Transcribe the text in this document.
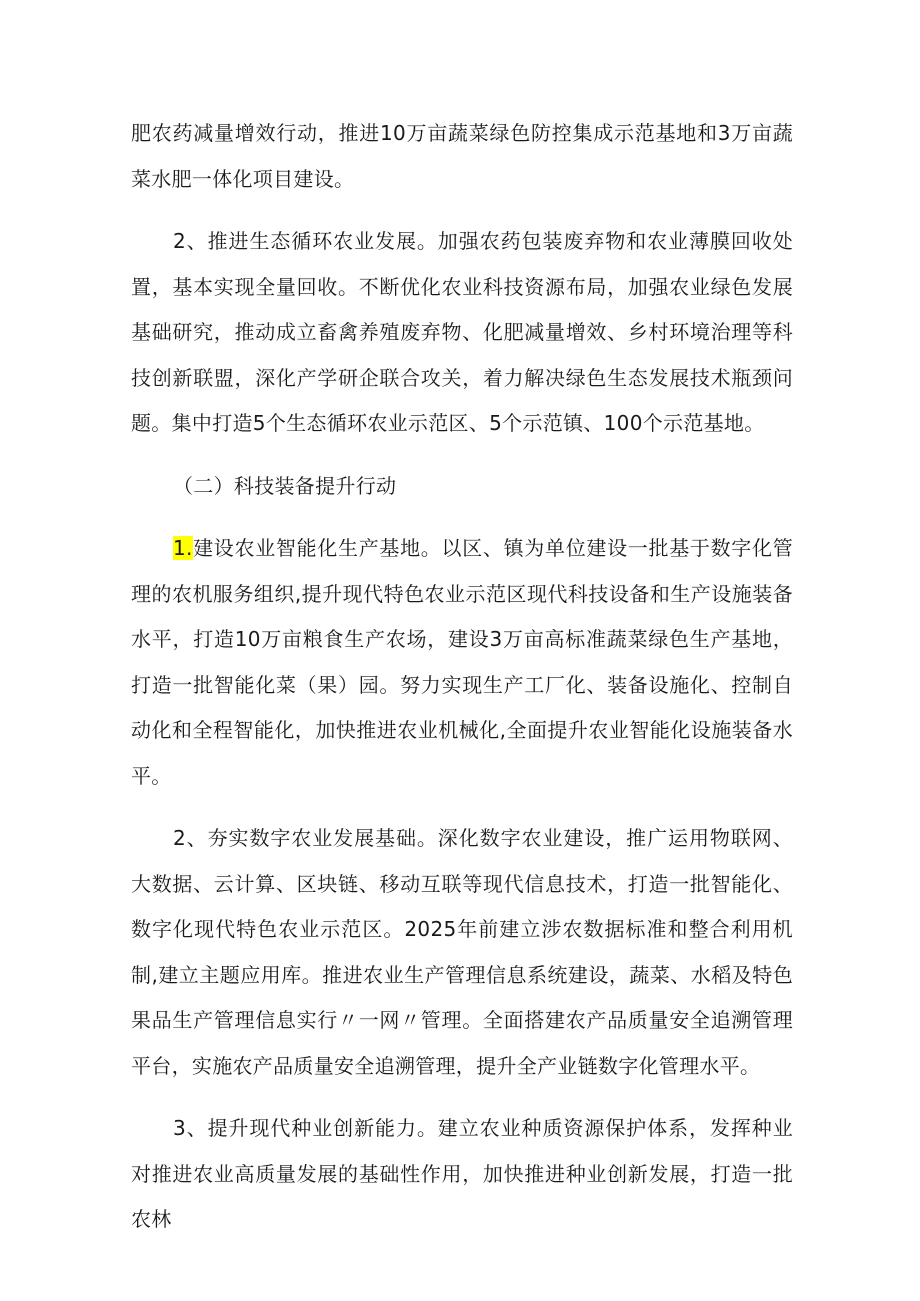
肥农药减量增效行动，推进10万亩蔬菜绿色防控集成示范基地和3万亩蔬菜水肥一体化项目建设。

2、推进生态循环农业发展。加强农药包装废弃物和农业薄膜回收处置，基本实现全量回收。不断优化农业科技资源布局，加强农业绿色发展基础研究，推动成立畜禽养殖废弃物、化肥减量增效、乡村环境治理等科技创新联盟，深化产学研企联合攻关，着力解决绿色生态发展技术瓶颈问题。集中打造5个生态循环农业示范区、5个示范镇、100个示范基地。

（二）科技装备提升行动

1.建设农业智能化生产基地。以区、镇为单位建设一批基于数字化管理的农机服务组织,提升现代特色农业示范区现代科技设备和生产设施装备水平，打造10万亩粮食生产农场，建设3万亩高标准蔬菜绿色生产基地，打造一批智能化菜（果）园。努力实现生产工厂化、装备设施化、控制自动化和全程智能化，加快推进农业机械化,全面提升农业智能化设施装备水平。

2、夯实数字农业发展基础。深化数字农业建设，推广运用物联网、大数据、云计算、区块链、移动互联等现代信息技术，打造一批智能化、数字化现代特色农业示范区。2025年前建立涉农数据标准和整合利用机制,建立主题应用库。推进农业生产管理信息系统建设，蔬菜、水稻及特色果品生产管理信息实行〃一网〃管理。全面搭建农产品质量安全追溯管理平台，实施农产品质量安全追溯管理，提升全产业链数字化管理水平。

3、提升现代种业创新能力。建立农业种质资源保护体系，发挥种业对推进农业高质量发展的基础性作用，加快推进种业创新发展，打造一批农林
